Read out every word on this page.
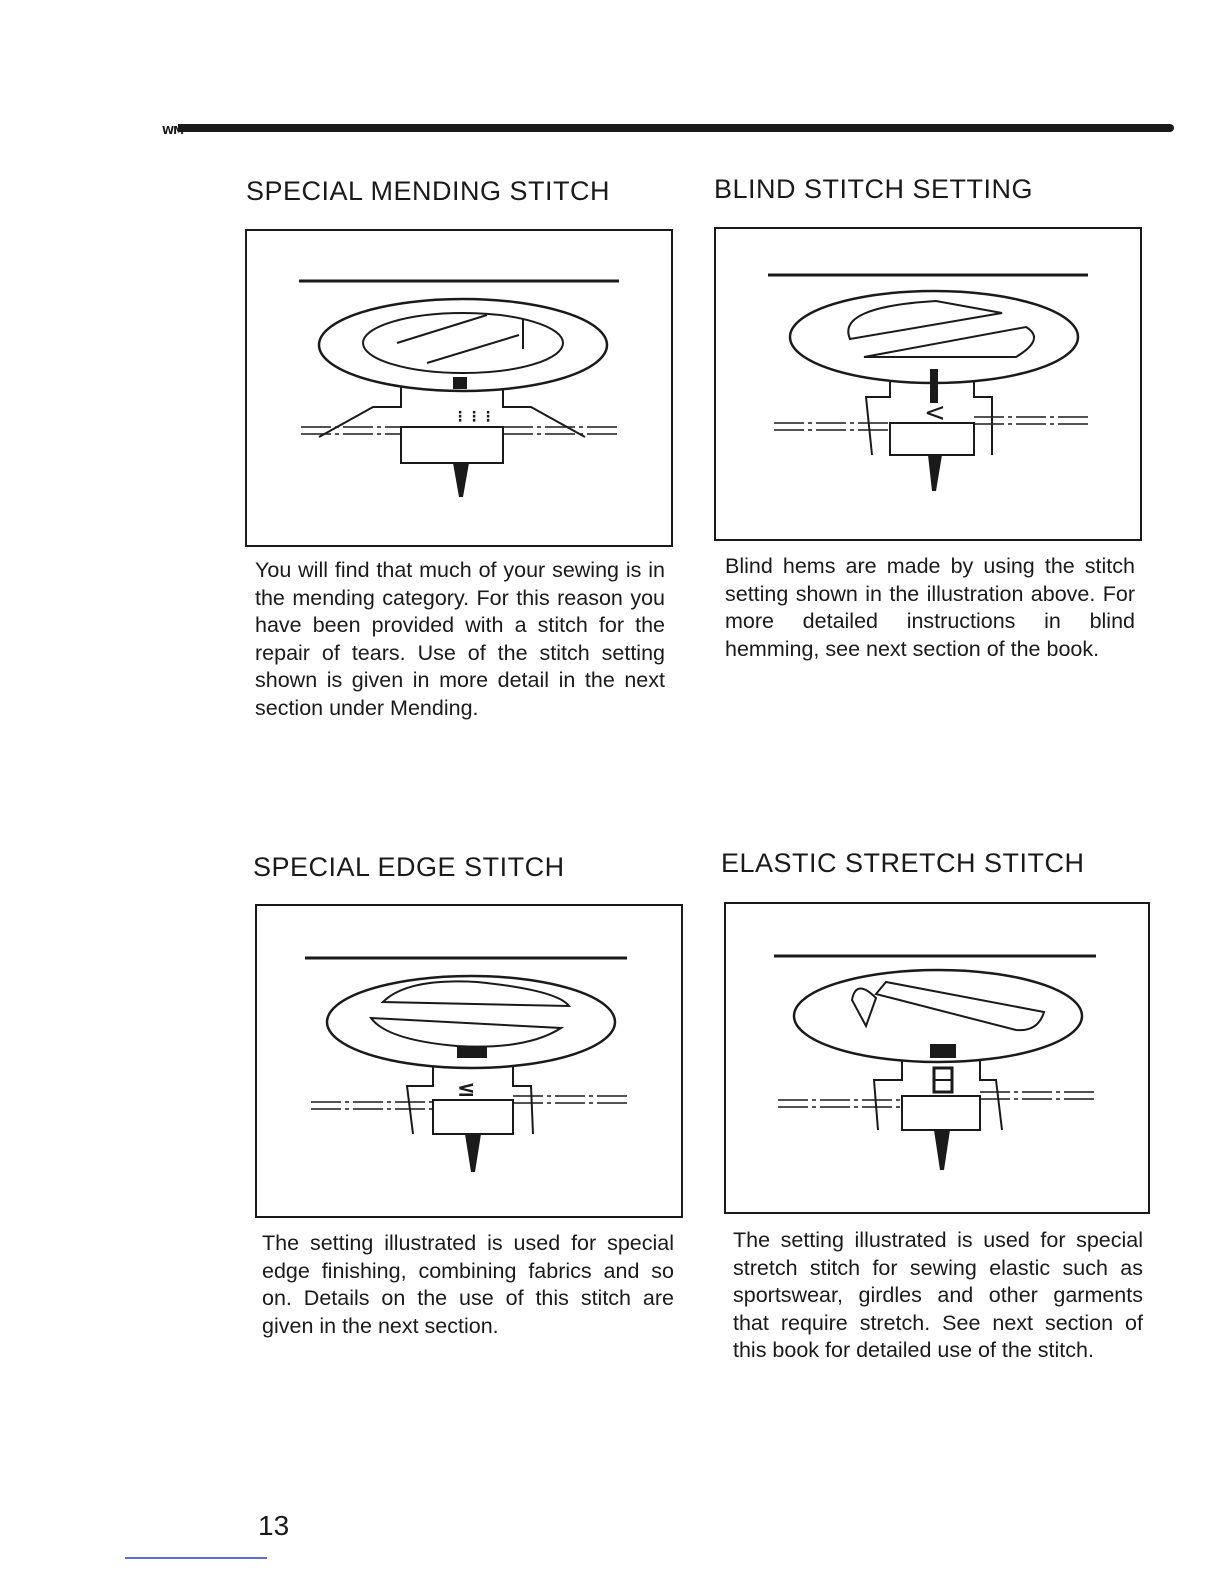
WM
SPECIAL MENDING STITCH
⋮⋮⋮

You will find that much of your sewing is in the mending category. For this reason you have been provided with a stitch for the repair of tears. Use of the stitch setting shown is given in more detail in the next section under Mending.

BLIND STITCH SETTING
<

Blind hems are made by using the stitch setting shown in the illustration above. For more detailed instructions in blind hemming, see next section of the book.

SPECIAL EDGE STITCH
≤

The setting illustrated is used for special edge finishing, combining fabrics and so on. Details on the use of this stitch are given in the next section.

ELASTIC STRETCH STITCH

The setting illustrated is used for special stretch stitch for sewing elastic such as sportswear, girdles and other garments that require stretch. See next section of this book for detailed use of the stitch.

13
